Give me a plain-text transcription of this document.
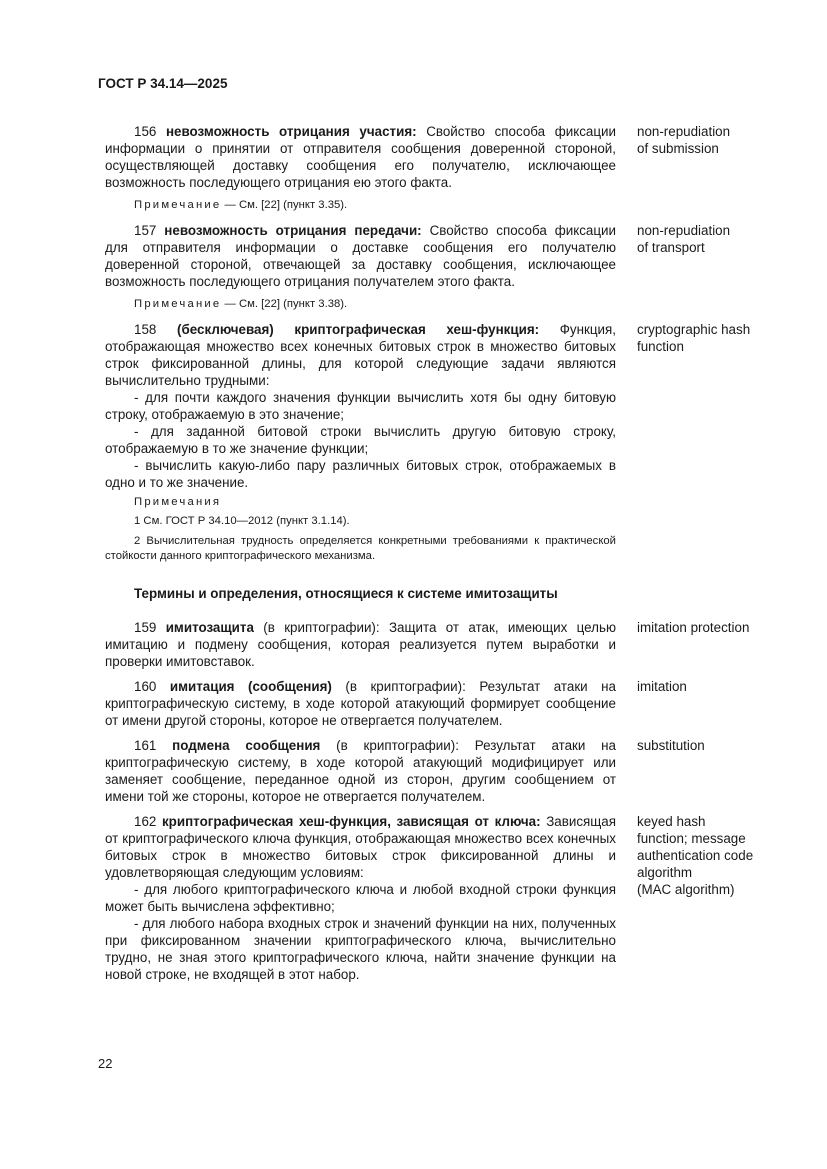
ГОСТ Р 34.14—2025

156 невозможность отрицания участия: Свойство способа фиксации информации о принятии от отправителя сообщения доверенной стороной, осуществляющей доставку сообщения его получателю, исключающее возможность последующего отрицания ею этого факта.

non-repudiation
of submission
Примечание — См. [22] (пункт 3.35).

157 невозможность отрицания передачи: Свойство способа фиксации для отправителя информации о доставке сообщения его получателю доверенной стороной, отвечающей за доставку сообщения, исключающее возможность последующего отрицания получателем этого факта.

non-repudiation
of transport
Примечание — См. [22] (пункт 3.38).

158 (бесключевая) криптографическая хеш-функция: Функция, отображающая множество всех конечных битовых строк в множество битовых строк фиксированной длины, для которой следующие задачи являются вычислительно трудными:

- для почти каждого значения функции вычислить хотя бы одну битовую строку, отображаемую в это значение;

- для заданной битовой строки вычислить другую битовую строку, отображаемую в то же значение функции;

- вычислить какую-либо пару различных битовых строк, отображаемых в одно и то же значение.

cryptographic hash
function
Примечания

1 См. ГОСТ Р 34.10—2012 (пункт 3.1.14).

2 Вычислительная трудность определяется конкретными требованиями к практической стойкости данного криптографического механизма.

Термины и определения, относящиеся к системе имитозащиты

159 имитозащита (в криптографии): Защита от атак, имеющих целью имитацию и подмену сообщения, которая реализуется путем выработки и проверки имитовставок.

imitation protection

160 имитация (сообщения) (в криптографии): Результат атаки на криптографическую систему, в ходе которой атакующий формирует сообщение от имени другой стороны, которое не отвергается получателем.

imitation

161 подмена сообщения (в криптографии): Результат атаки на криптографическую систему, в ходе которой атакующий модифицирует или заменяет сообщение, переданное одной из сторон, другим сообщением от имени той же стороны, которое не отвергается получателем.

substitution

162 криптографическая хеш-функция, зависящая от ключа: Зависящая от криптографического ключа функция, отображающая множество всех конечных битовых строк в множество битовых строк фиксированной длины и удовлетворяющая следующим условиям:

- для любого криптографического ключа и любой входной строки функция может быть вычислена эффективно;

- для любого набора входных строк и значений функции на них, полученных при фиксированном значении криптографического ключа, вычислительно трудно, не зная этого криптографического ключа, найти значение функции на новой строке, не входящей в этот набор.

keyed hash
function; message
authentication code
algorithm
(MAC algorithm)
22
